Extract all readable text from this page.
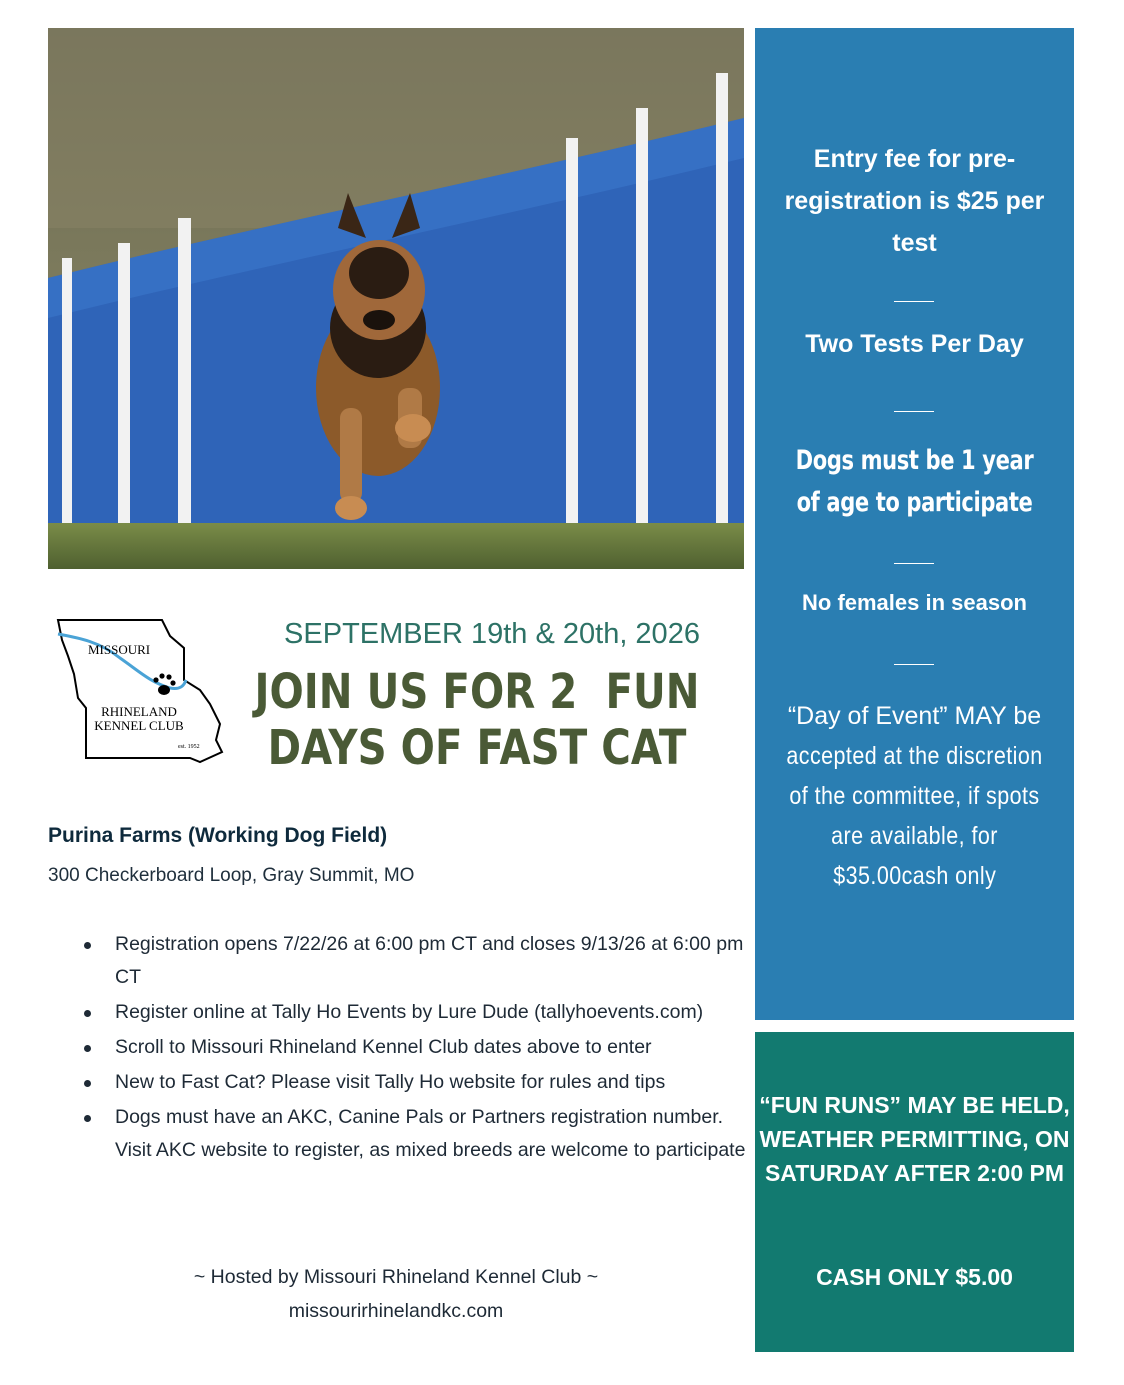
Entry fee for pre-registration is $25 per test
Two Tests Per Day
Dogs must be 1 year
of age to participate
No females in season
“Day of Event” MAY be
accepted at the discretion of the committee, if spots are available, for $35.00cash only
“FUN RUNS” MAY BE HELD, WEATHER PERMITTING, ON SATURDAY AFTER 2:00 PM
CASH ONLY $5.00
MISSOURI
RHINELAND
KENNEL CLUB
est. 1952
SEPTEMBER 19th & 20th, 2026
JOIN US FOR 2  FUN
DAYS OF FAST CAT
Purina Farms (Working Dog Field)
300 Checkerboard Loop, Gray Summit, MO
Registration opens 7/22/26 at 6:00 pm CT and closes 9/13/26 at 6:00 pm CT
Register online at Tally Ho Events by Lure Dude (tallyhoevents.com)
Scroll to Missouri Rhineland Kennel Club dates above to enter
New to Fast Cat? Please visit Tally Ho website for rules and tips
Dogs must have an AKC, Canine Pals or Partners registration number. Visit AKC website to register, as mixed breeds are welcome to participate
~ Hosted by Missouri Rhineland Kennel Club ~
missourirhinelandkc.com
